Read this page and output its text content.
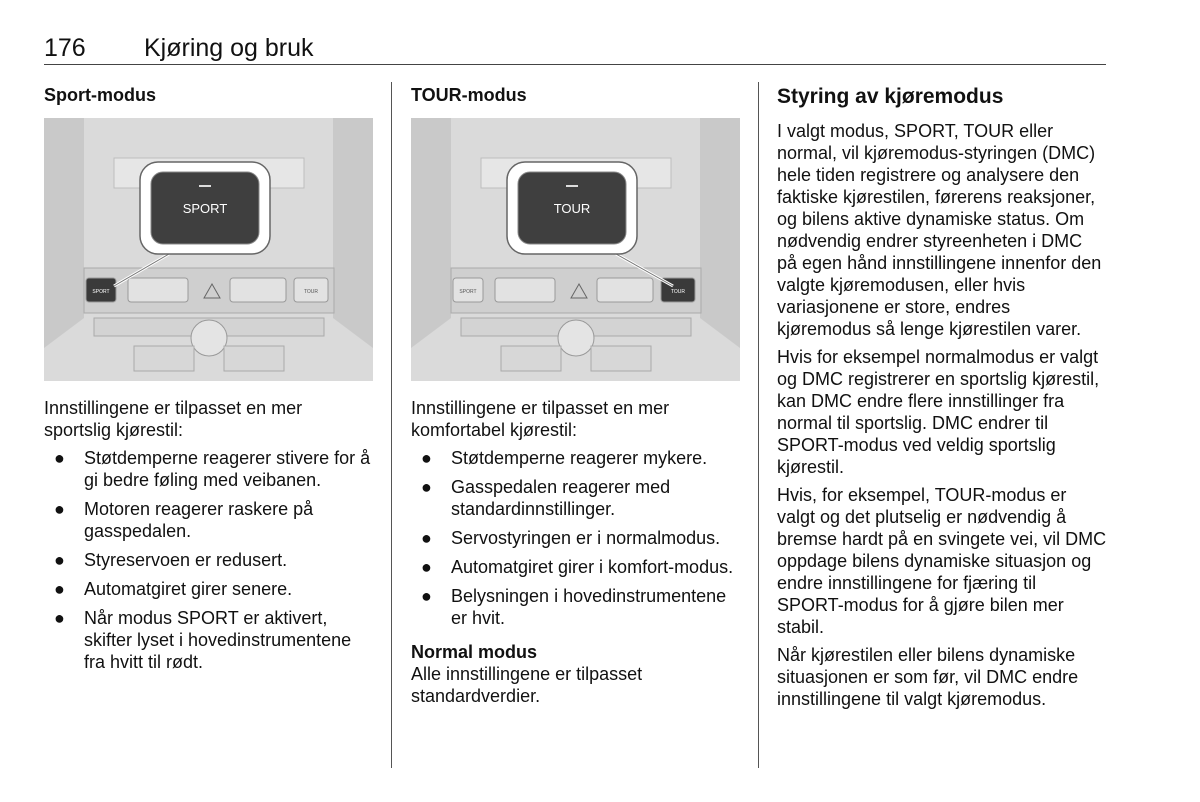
176 Kjøring og bruk
Sport-modus
SPORT	TOUR
SPORT

Innstillingene er tilpasset en mer sportslig kjørestil:

● Støtdemperne reagerer stivere for å gi bedre føling med veibanen.
● Motoren reagerer raskere på gasspedalen.
● Styreservoen er redusert.
● Automatgiret girer senere.
● Når modus SPORT er aktivert, skifter lyset i hovedinstrumentene fra hvitt til rødt.
TOUR-modus
SPORT	TOUR
TOUR

Innstillingene er tilpasset en mer komfortabel kjørestil:

● Støtdemperne reagerer mykere.
● Gasspedalen reagerer med standardinnstillinger.
● Servostyringen er i normalmodus.
● Automatgiret girer i komfort-modus.
● Belysningen i hovedinstrumentene er hvit.
Normal modus

Alle innstillingene er tilpasset standardverdier.

Styring av kjøremodus

I valgt modus, SPORT, TOUR eller normal, vil kjøremodus-styringen (DMC) hele tiden registrere og analysere den faktiske kjørestilen, førerens reaksjoner, og bilens aktive dynamiske status. Om nødvendig endrer styreenheten i DMC på egen hånd innstillingene innenfor den valgte kjøremodusen, eller hvis variasjonene er store, endres kjøremodus så lenge kjørestilen varer.

Hvis for eksempel normalmodus er valgt og DMC registrerer en sportslig kjørestil, kan DMC endre flere innstillinger fra normal til sportslig. DMC endrer til SPORT-modus ved veldig sportslig kjørestil.

Hvis, for eksempel, TOUR-modus er valgt og det plutselig er nødvendig å bremse hardt på en svingete vei, vil DMC oppdage bilens dynamiske situasjon og endre innstillingene for fjæring til SPORT-modus for å gjøre bilen mer stabil.

Når kjørestilen eller bilens dynamiske situasjonen er som før, vil DMC endre innstillingene til valgt kjøremodus.
